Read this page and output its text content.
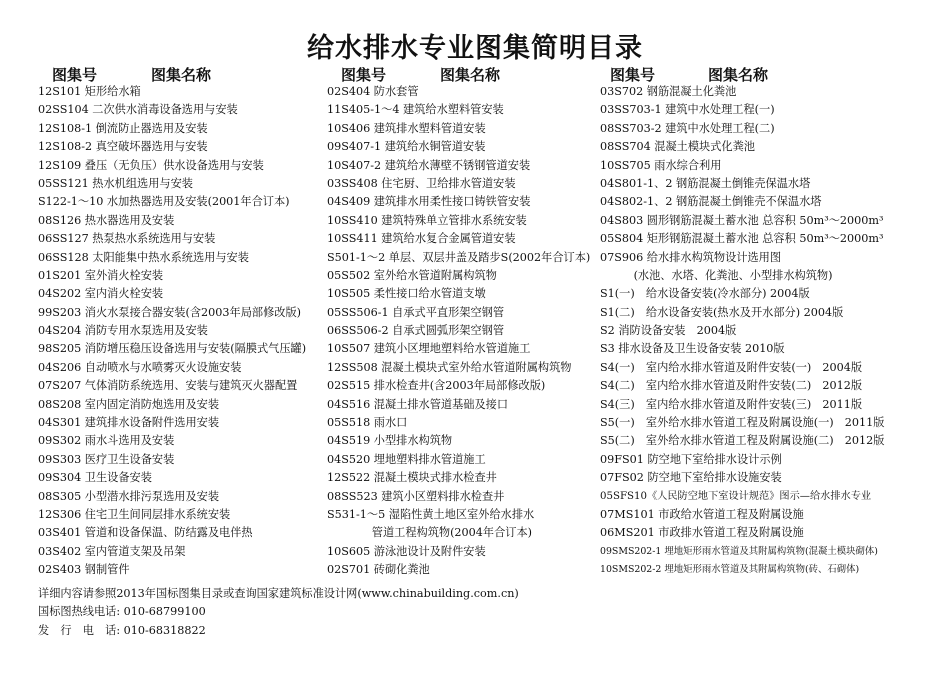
给水排水专业图集简明目录
图集号	图集名称
12S101 矩形给水箱
02SS104 二次供水消毒设备选用与安装
12S108-1 倒流防止器选用及安装
12S108-2 真空破坏器选用与安装
12S109 叠压（无负压）供水设备选用与安装
05SS121 热水机组选用与安装
S122-1～10 水加热器选用及安装(2001年合订本)
08S126 热水器选用及安装
06SS127 热泵热水系统选用与安装
06SS128 太阳能集中热水系统选用与安装
01S201 室外消火栓安装
04S202 室内消火栓安装
99S203 消火水泵接合器安装(含2003年局部修改版)
04S204 消防专用水泵选用及安装
98S205 消防增压稳压设备选用与安装(隔膜式气压罐)
04S206 自动喷水与水喷雾灭火设施安装
07S207 气体消防系统选用、安装与建筑灭火器配置
08S208 室内固定消防炮选用及安装
04S301 建筑排水设备附件选用安装
09S302 雨水斗选用及安装
09S303 医疗卫生设备安装
09S304 卫生设备安装
08S305 小型潜水排污泵选用及安装
12S306 住宅卫生间同层排水系统安装
03S401 管道和设备保温、防结露及电伴热
03S402 室内管道支架及吊架
02S403 钢制管件
图集号	图集名称
02S404 防水套管
11S405-1～4 建筑给水塑料管安装
10S406 建筑排水塑料管道安装
09S407-1 建筑给水铜管道安装
10S407-2 建筑给水薄壁不锈钢管道安装
03SS408 住宅厨、卫给排水管道安装
04S409 建筑排水用柔性接口铸铁管安装
10SS410 建筑特殊单立管排水系统安装
10SS411 建筑给水复合金属管道安装
S501-1～2 单层、双层井盖及踏步S(2002年合订本)
05S502 室外给水管道附属构筑物
10S505 柔性接口给水管道支墩
05SS506-1 自承式平直形架空钢管
06SS506-2 自承式圆弧形架空钢管
10S507 建筑小区埋地塑料给水管道施工
12SS508 混凝土模块式室外给水管道附属构筑物
02S515 排水检查井(含2003年局部修改版)
04S516 混凝土排水管道基础及接口
05S518 雨水口
04S519 小型排水构筑物
04S520 埋地塑料排水管道施工
12S522 混凝土模块式排水检查井
08SS523 建筑小区塑料排水检查井
S531-1～5 湿陷性黄土地区室外给水排水
　　　　管道工程构筑物(2004年合订本)
10S605 游泳池设计及附件安装
02S701 砖砌化粪池
图集号	图集名称
03S702 钢筋混凝土化粪池
03SS703-1 建筑中水处理工程(一)
08SS703-2 建筑中水处理工程(二)
08SS704 混凝土模块式化粪池
10SS705 雨水综合利用
04S801-1、2 钢筋混凝土倒锥壳保温水塔
04S802-1、2 钢筋混凝土倒锥壳不保温水塔
04S803 圆形钢筋混凝土蓄水池 总容积 50m³～2000m³
05S804 矩形钢筋混凝土蓄水池 总容积 50m³～2000m³
07S906 给水排水构筑物设计选用图
　　　(水池、水塔、化粪池、小型排水构筑物)
S1(一)　给水设备安装(冷水部分) 2004版
S1(二)　给水设备安装(热水及开水部分) 2004版
S2 消防设备安装　2004版
S3 排水设备及卫生设备安装 2010版
S4(一)　室内给水排水管道及附件安装(一)　2004版
S4(二)　室内给水排水管道及附件安装(二)　2012版
S4(三)　室内给水排水管道及附件安装(三)　2011版
S5(一)　室外给水排水管道工程及附属设施(一)　2011版
S5(二)　室外给水排水管道工程及附属设施(二)　2012版
09FS01 防空地下室给排水设计示例
07FS02 防空地下室给排水设施安装
05SFS10《人民防空地下室设计规范》图示—给水排水专业
07MS101 市政给水管道工程及附属设施
06MS201 市政排水管道工程及附属设施
09SMS202-1 埋地矩形雨水管道及其附属构筑物(混凝土模块砌体)
10SMS202-2 埋地矩形雨水管道及其附属构筑物(砖、石砌体)
详细内容请参照2013年国标图集目录或查询国家建筑标准设计网(www.chinabuilding.com.cn)
国标图热线电话: 010-68799100
发　行　电　话: 010-68318822
